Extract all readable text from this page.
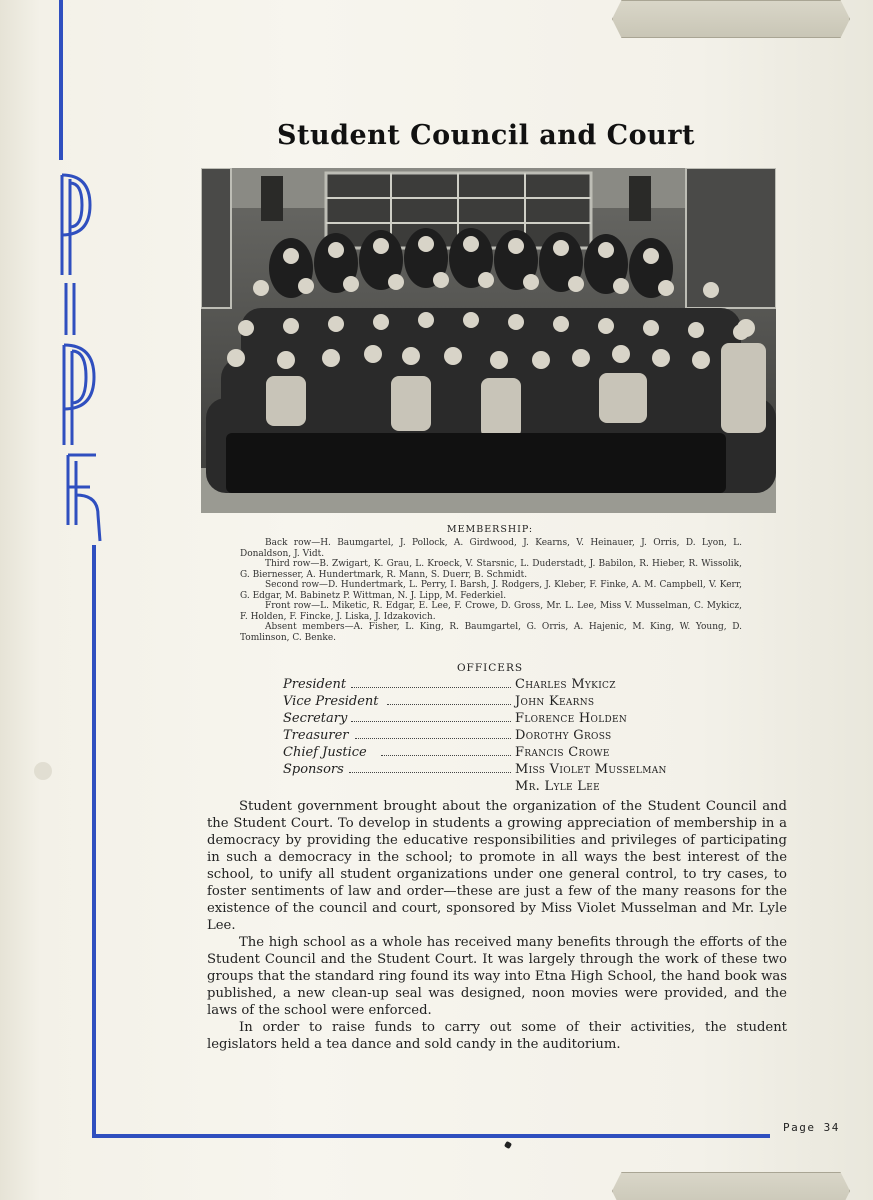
Student Council and Court
MEMBERSHIP:

Back row—H. Baumgartel, J. Pollock, A. Girdwood, J. Kearns, V. Heinauer, J. Orris, D. Lyon, L. Donaldson, J. Vidt.

Third row—B. Zwigart, K. Grau, L. Kroeck, V. Starsnic, L. Duderstadt, J. Babilon, R. Hieber, R. Wissolik, G. Biernesser, A. Hundertmark, R. Mann, S. Duerr, B. Schmidt.

Second row—D. Hundertmark, L. Perry, I. Barsh, J. Rodgers, J. Kleber, F. Finke, A. M. Campbell, V. Kerr, G. Edgar, M. Babinetz P. Wittman, N. J. Lipp, M. Federkiel.

Front row—L. Miketic, R. Edgar, E. Lee, F. Crowe, D. Gross, Mr. L. Lee, Miss V. Musselman, C. Mykicz, F. Holden, F. Fincke, J. Liska, J. Idzakovich.

Absent members—A. Fisher, L. King, R. Baumgartel, G. Orris, A. Hajenic, M. King, W. Young, D. Tomlinson, C. Benke.

OFFICERS
President	Charles Mykicz
Vice President	John Kearns
Secretary	Florence Holden
Treasurer	Dorothy Gross
Chief Justice	Francis Crowe
Sponsors	Miss Violet Musselman
Mr. Lyle Lee

Student government brought about the organization of the Student Council and the Student Court. To develop in students a growing appreciation of membership in a democracy by providing the educative responsibilities and privileges of participating in such a democracy in the school; to promote in all ways the best interest of the school, to unify all student organizations under one general control, to try cases, to foster sentiments of law and order—these are just a few of the many reasons for the existence of the council and court, sponsored by Miss Violet Musselman and Mr. Lyle Lee.

The high school as a whole has received many benefits through the efforts of the Student Council and the Student Court. It was largely through the work of these two groups that the standard ring found its way into Etna High School, the hand book was published, a new clean-up seal was designed, noon movies were provided, and the laws of the school were enforced.

In order to raise funds to carry out some of their activities, the student legislators held a tea dance and sold candy in the auditorium.

Page 34
